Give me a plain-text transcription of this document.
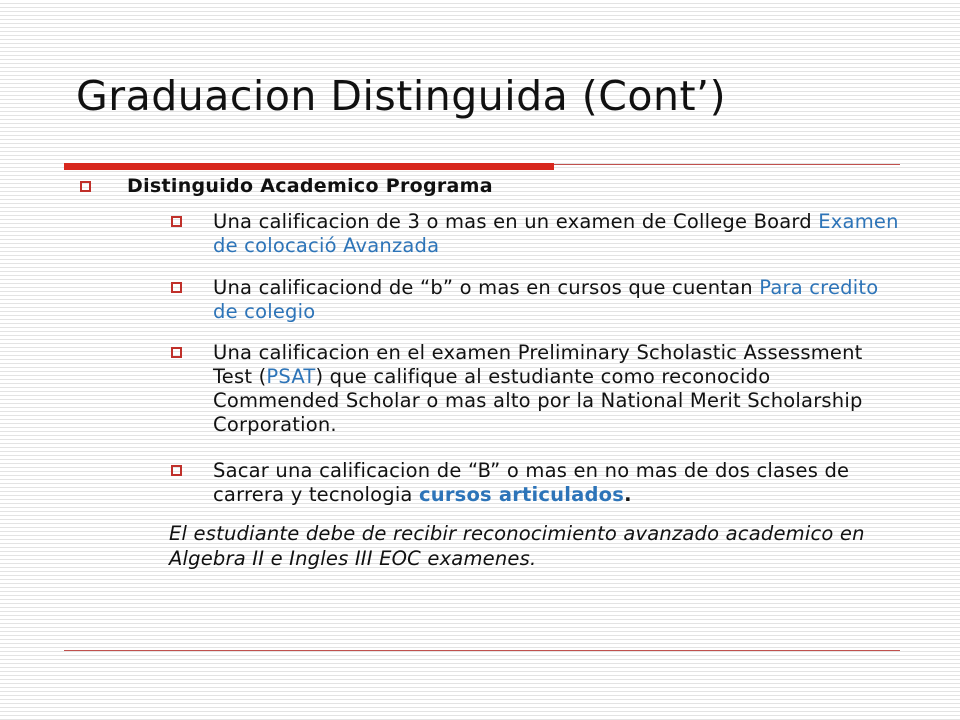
Graduacion Distinguida (Cont’)
Distinguido Academico Programa
Una calificacion de 3 o mas en un examen de College Board Examen de colocació Avanzada
Una calificaciond de “b” o mas en cursos que cuentan Para credito de colegio
Una calificacion en el examen Preliminary Scholastic Assessment Test (PSAT) que califique al estudiante como reconocido Commended Scholar o mas alto por la National Merit Scholarship Corporation.
Sacar una calificacion de “B” o mas en no mas de dos clases de carrera y tecnologia cursos articulados.
El estudiante debe de recibir reconocimiento avanzado academico en Algebra II e Ingles III EOC examenes.
